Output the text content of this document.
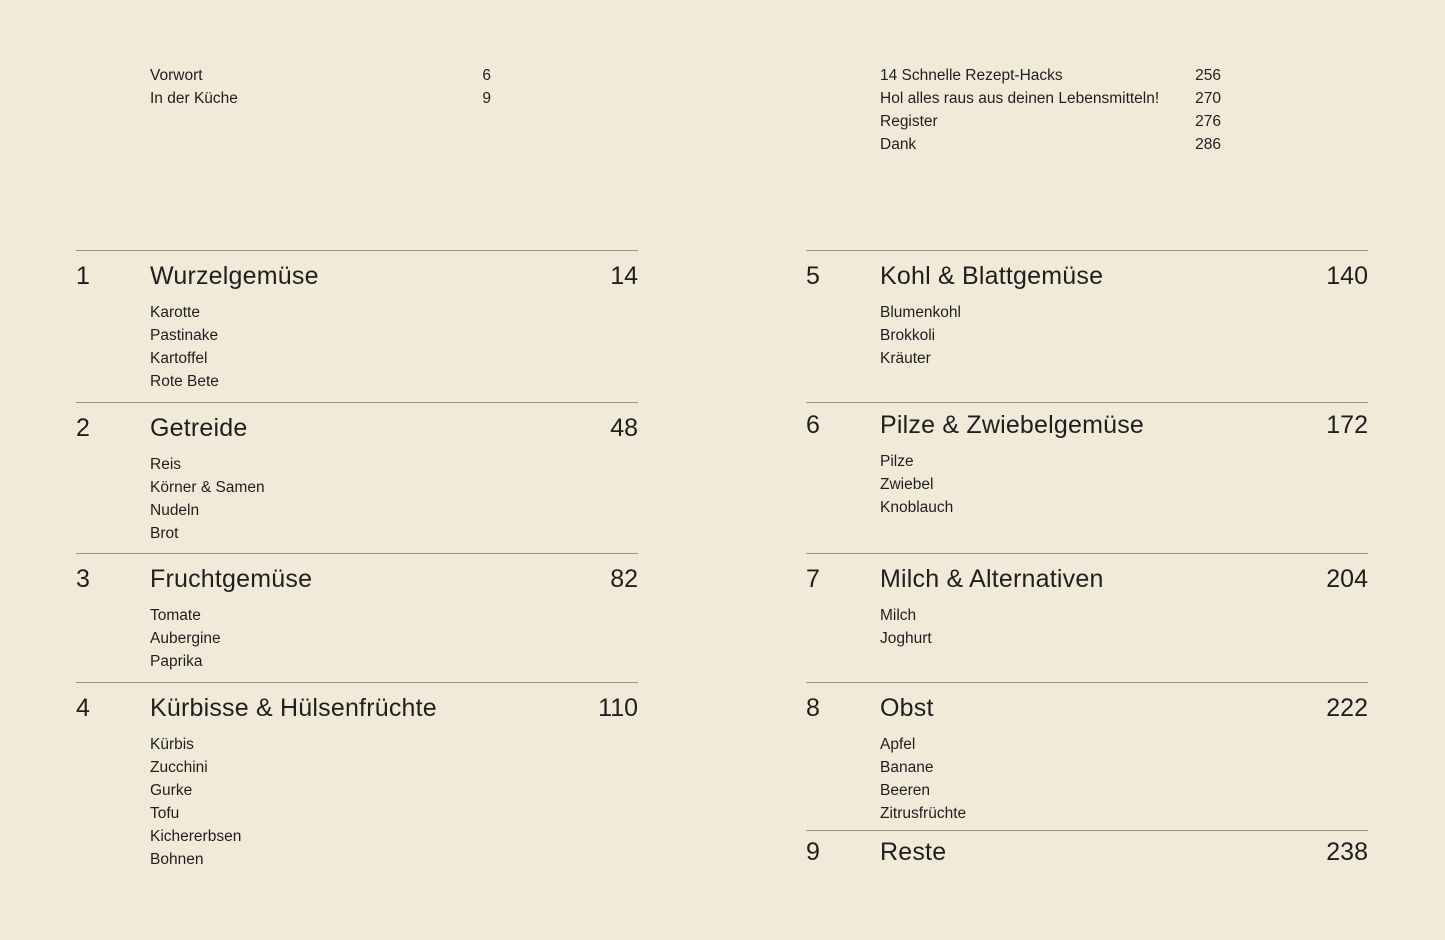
Vorwort	6
In der Küche	9
1 Wurzelgemüse	14
Karotte
Pastinake
Kartoffel
Rote Bete
2 Getreide	48
Reis
Körner & Samen
Nudeln
Brot
3 Fruchtgemüse	82
Tomate
Aubergine
Paprika
4 Kürbisse & Hülsenfrüchte	110
Kürbis
Zucchini
Gurke
Tofu
Kichererbsen
Bohnen
14 Schnelle Rezept-Hacks	256
Hol alles raus aus deinen Lebensmitteln! 270
Register	276
Dank	286
5 Kohl & Blattgemüse	140
Blumenkohl
Brokkoli
Kräuter
6 Pilze & Zwiebelgemüse	172
Pilze
Zwiebel
Knoblauch
7 Milch & Alternativen	204
Milch
Joghurt
8 Obst	222
Apfel
Banane
Beeren
Zitrusfrüchte
9 Reste	238
